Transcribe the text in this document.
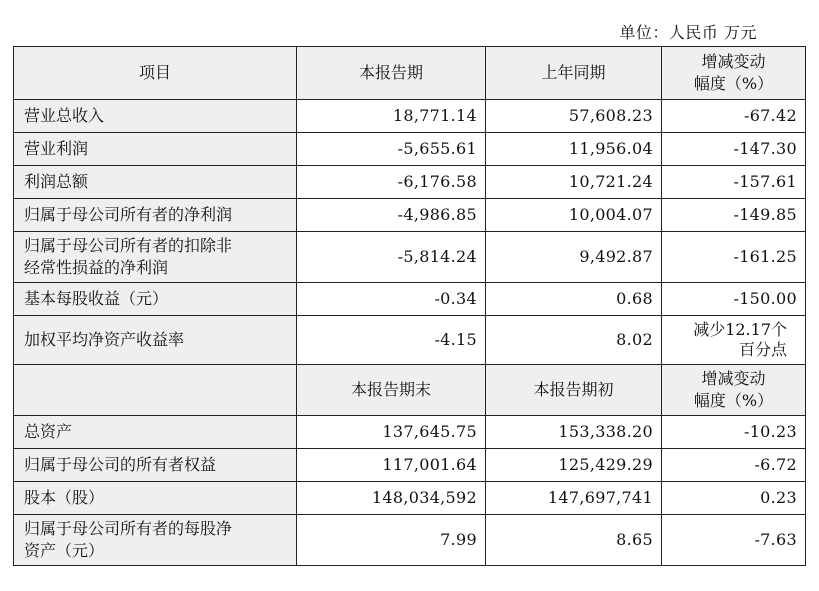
单位：人民币 万元
项目	本报告期	上年同期	增减变动
幅度（%）
营业总收入	18,771.14	57,608.23	-67.42
营业利润	-5,655.61	11,956.04	-147.30
利润总额	-6,176.58	10,721.24	-157.61
归属于母公司所有者的净利润	-4,986.85	10,004.07	-149.85
归属于母公司所有者的扣除非
经常性损益的净利润	-5,814.24	9,492.87	-161.25
基本每股收益（元）	-0.34	0.68	-150.00
加权平均净资产收益率	-4.15	8.02	减少12.17个
百分点
	本报告期末	本报告期初	增减变动
幅度（%）
总资产	137,645.75	153,338.20	-10.23
归属于母公司的所有者权益	117,001.64	125,429.29	-6.72
股本（股）	148,034,592	147,697,741	0.23
归属于母公司所有者的每股净
资产（元）	7.99	8.65	-7.63
